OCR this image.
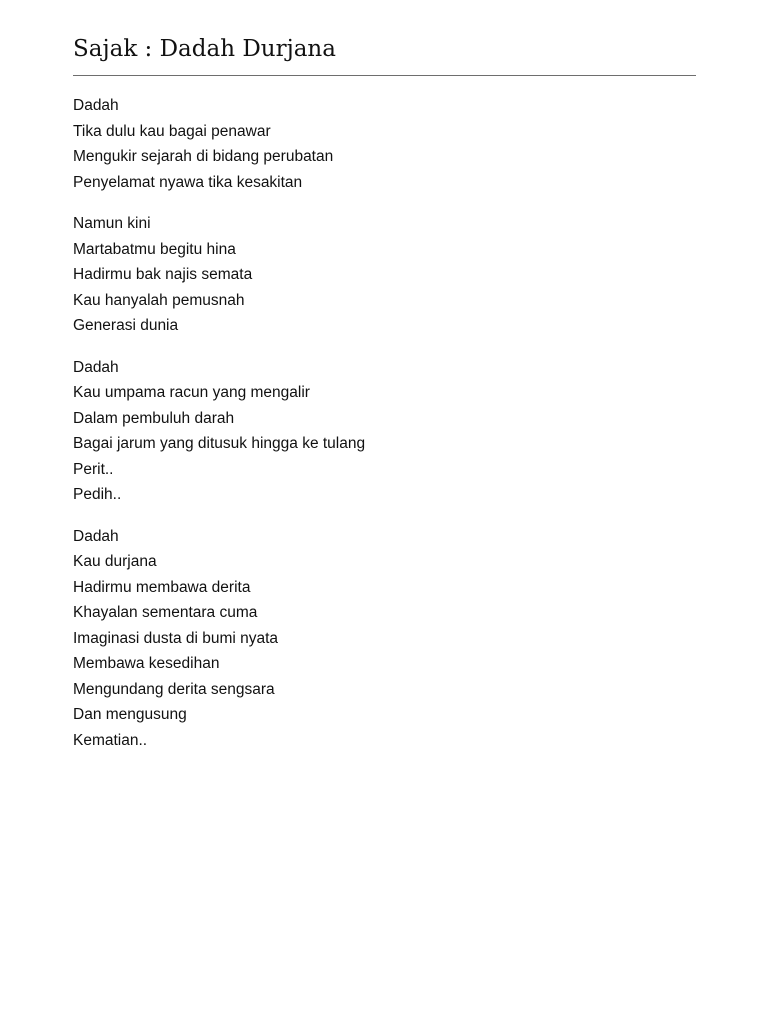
Sajak : Dadah Durjana
Dadah
Tika dulu kau bagai penawar
Mengukir sejarah di bidang perubatan
Penyelamat nyawa tika kesakitan
Namun kini
Martabatmu begitu hina
Hadirmu bak najis semata
Kau hanyalah pemusnah
Generasi dunia
Dadah
Kau umpama racun yang mengalir
Dalam pembuluh darah
Bagai jarum yang ditusuk hingga ke tulang
Perit..
Pedih..
Dadah
Kau durjana
Hadirmu membawa derita
Khayalan sementara cuma
Imaginasi dusta di bumi nyata
Membawa kesedihan
Mengundang derita sengsara
Dan mengusung
Kematian..
